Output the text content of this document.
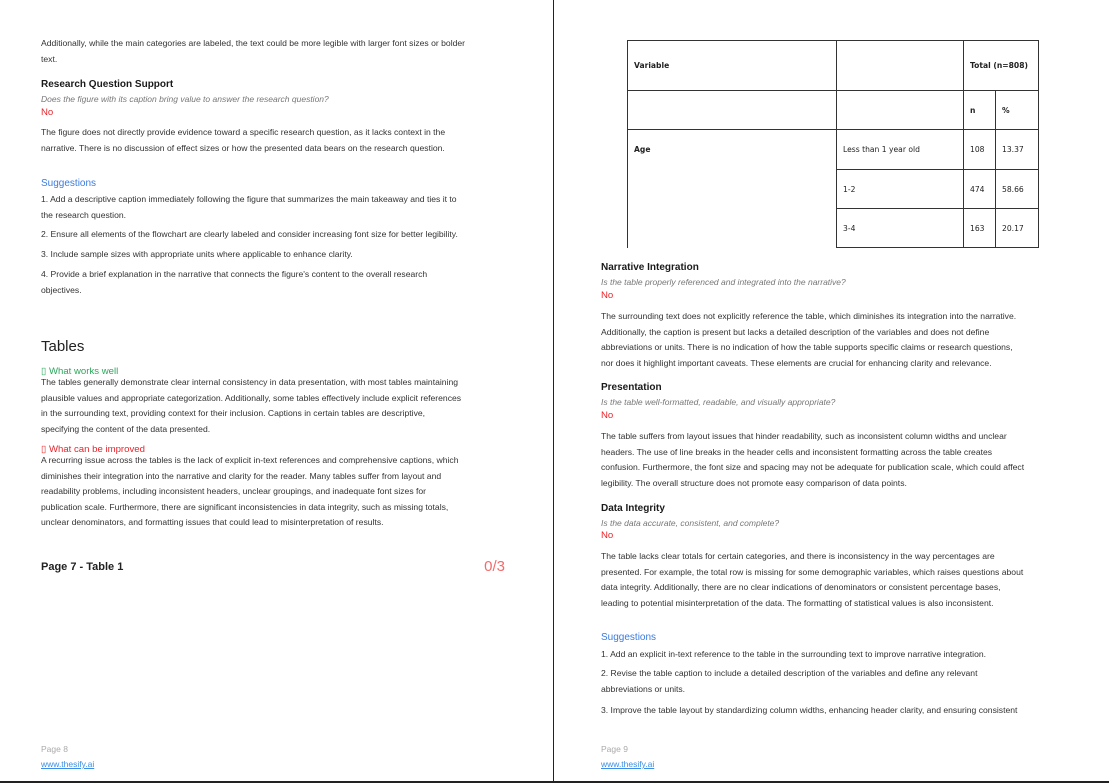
Additionally, while the main categories are labeled, the text could be more legible with larger font sizes or bolder
text.
Research Question Support
Does the figure with its caption bring value to answer the research question?
No
The figure does not directly provide evidence toward a specific research question, as it lacks context in the
narrative. There is no discussion of effect sizes or how the presented data bears on the research question.
Suggestions
1. Add a descriptive caption immediately following the figure that summarizes the main takeaway and ties it to
the research question.
2. Ensure all elements of the flowchart are clearly labeled and consider increasing font size for better legibility.
3. Include sample sizes with appropriate units where applicable to enhance clarity.
4. Provide a brief explanation in the narrative that connects the figure's content to the overall research
objectives.
Tables
▯ What works well
The tables generally demonstrate clear internal consistency in data presentation, with most tables maintaining
plausible values and appropriate categorization. Additionally, some tables effectively include explicit references
in the surrounding text, providing context for their inclusion. Captions in certain tables are descriptive,
specifying the content of the data presented.
▯ What can be improved
A recurring issue across the tables is the lack of explicit in-text references and comprehensive captions, which
diminishes their integration into the narrative and clarity for the reader. Many tables suffer from layout and
readability problems, including inconsistent headers, unclear groupings, and inadequate font sizes for
publication scale. Furthermore, there are significant inconsistencies in data integrity, such as missing totals,
unclear denominators, and formatting issues that could lead to misinterpretation of results.
Page 7 - Table 1	0/3
Page 8
www.thesify.ai
Variable		Total (n=808)	
		n	%
Age	Less than 1 year old	108	13.37
	1-2	474	58.66
	3-4	163	20.17
Narrative Integration
Is the table properly referenced and integrated into the narrative?
No
The surrounding text does not explicitly reference the table, which diminishes its integration into the narrative.
Additionally, the caption is present but lacks a detailed description of the variables and does not define
abbreviations or units. There is no indication of how the table supports specific claims or research questions,
nor does it highlight important caveats. These elements are crucial for enhancing clarity and relevance.
Presentation
Is the table well-formatted, readable, and visually appropriate?
No
The table suffers from layout issues that hinder readability, such as inconsistent column widths and unclear
headers. The use of line breaks in the header cells and inconsistent formatting across the table creates
confusion. Furthermore, the font size and spacing may not be adequate for publication scale, which could affect
legibility. The overall structure does not promote easy comparison of data points.
Data Integrity
Is the data accurate, consistent, and complete?
No
The table lacks clear totals for certain categories, and there is inconsistency in the way percentages are
presented. For example, the total row is missing for some demographic variables, which raises questions about
data integrity. Additionally, there are no clear indications of denominators or consistent percentage bases,
leading to potential misinterpretation of the data. The formatting of statistical values is also inconsistent.
Suggestions
1. Add an explicit in-text reference to the table in the surrounding text to improve narrative integration.
2. Revise the table caption to include a detailed description of the variables and define any relevant
abbreviations or units.
3. Improve the table layout by standardizing column widths, enhancing header clarity, and ensuring consistent
Page 9
www.thesify.ai
